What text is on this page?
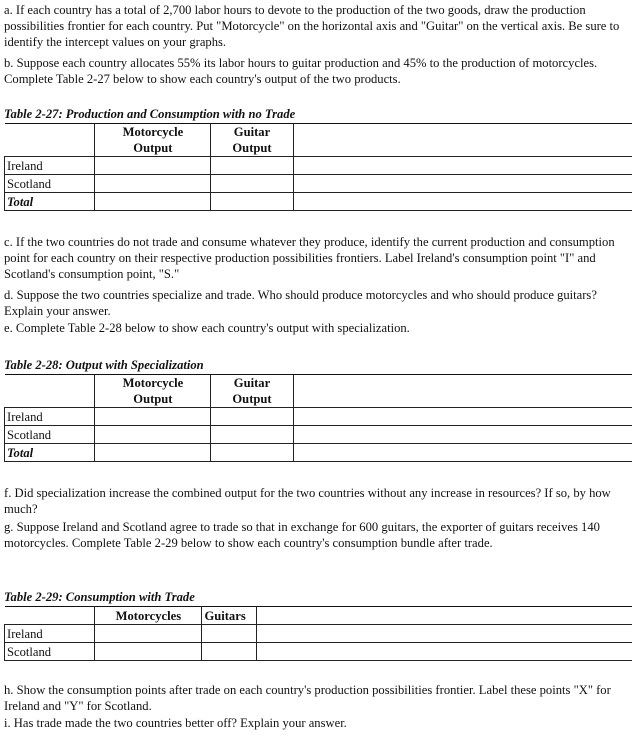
a. If each country has a total of 2,700 labor hours to devote to the production of the two goods, draw the production possibilities frontier for each country. Put "Motorcycle" on the horizontal axis and "Guitar" on the vertical axis. Be sure to identify the intercept values on your graphs.

b. Suppose each country allocates 55% its labor hours to guitar production and 45% to the production of motorcycles. Complete Table 2-27 below to show each country's output of the two products.

Table 2-27: Production and Consumption with no Trade
	Motorcycle
Output	Guitar
Output	
Ireland			
Scotland			
Total			

c. If the two countries do not trade and consume whatever they produce, identify the current production and consumption point for each country on their respective production possibilities frontiers. Label Ireland's consumption point "I" and Scotland's consumption point, "S."

d. Suppose the two countries specialize and trade. Who should produce motorcycles and who should produce guitars? Explain your answer.

e. Complete Table 2-28 below to show each country's output with specialization.

Table 2-28: Output with Specialization
	Motorcycle
Output	Guitar
Output	
Ireland			
Scotland			
Total			

f. Did specialization increase the combined output for the two countries without any increase in resources? If so, by how much?

g. Suppose Ireland and Scotland agree to trade so that in exchange for 600 guitars, the exporter of guitars receives 140 motorcycles. Complete Table 2-29 below to show each country's consumption bundle after trade.

Table 2-29: Consumption with Trade
	Motorcycles	Guitars	
Ireland			
Scotland			

h. Show the consumption points after trade on each country's production possibilities frontier. Label these points "X" for Ireland and "Y" for Scotland.

i. Has trade made the two countries better off? Explain your answer.
